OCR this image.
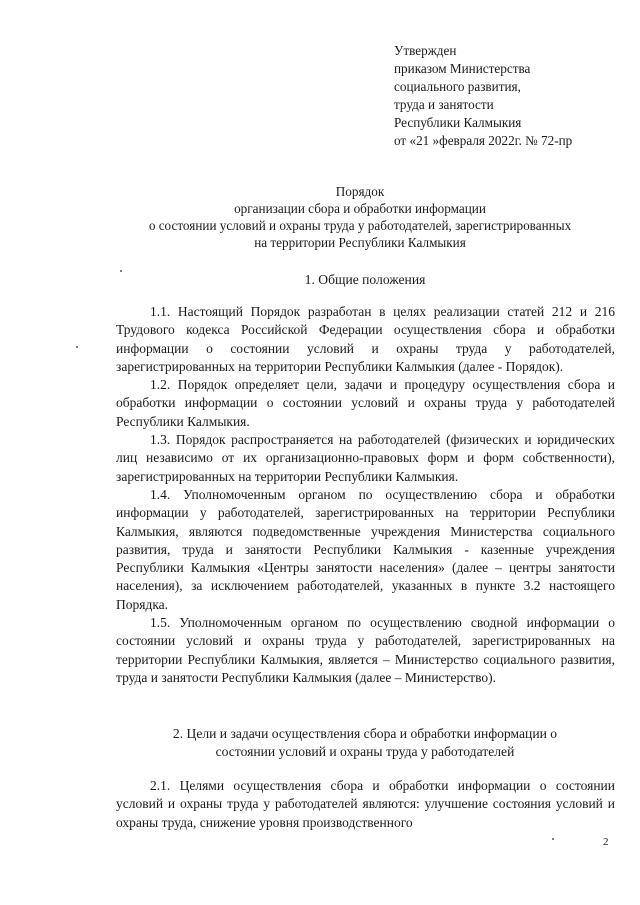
Утвержден
приказом Министерства
социального развития,
труда и занятости
Республики Калмыкия
от «21 »февраля 2022г. № 72-пр
Порядок
организации сбора и обработки информации
о состоянии условий и охраны труда у работодателей, зарегистрированных
на территории Республики Калмыкия
1. Общие положения

1.1. Настоящий Порядок разработан в целях реализации статей 212 и 216 Трудового кодекса Российской Федерации осуществления сбора и обработки информации о состоянии условий и охраны труда у работодателей, зарегистрированных на территории Республики Калмыкия (далее - Порядок).

1.2. Порядок определяет цели, задачи и процедуру осуществления сбора и обработки информации о состоянии условий и охраны труда у работодателей Республики Калмыкия.

1.3. Порядок распространяется на работодателей (физических и юридических лиц независимо от их организационно-правовых форм и форм собственности), зарегистрированных на территории Республики Калмыкия.

1.4. Уполномоченным органом по осуществлению сбора и обработки информации у работодателей, зарегистрированных на территории Республики Калмыкия, являются подведомственные учреждения Министерства социального развития, труда и занятости Республики Калмыкия - казенные учреждения Республики Калмыкия «Центры занятости населения» (далее – центры занятости населения), за исключением работодателей, указанных в пункте 3.2 настоящего Порядка.

1.5. Уполномоченным органом по осуществлению сводной информации о состоянии условий и охраны труда у работодателей, зарегистрированных на территории Республики Калмыкия, является – Министерство социального развития, труда и занятости Республики Калмыкия (далее – Министерство).

2. Цели и задачи осуществления сбора и обработки информации о
состоянии условий и охраны труда у работодателей

2.1. Целями осуществления сбора и обработки информации о состоянии условий и охраны труда у работодателей являются: улучшение состояния условий и охраны труда, снижение уровня производственного

2
